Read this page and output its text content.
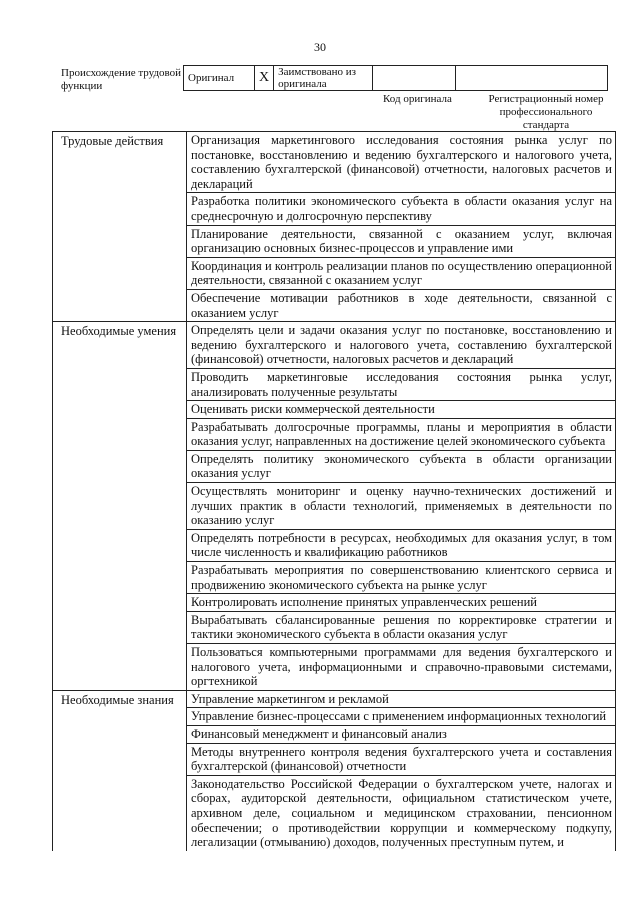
30
Происхождение трудовой функции
Оригинал	X	Заимствовано из оригинала		
Код оригинала	Регистрационный номер профессионального стандарта
Трудовые действия	Организация маркетингового исследования состояния рынка услуг по постановке, восстановлению и ведению бухгалтерского и налогового учета, составлению бухгалтерской (финансовой) отчетности, налоговых расчетов и деклараций
	Разработка политики экономического субъекта в области оказания услуг на среднесрочную и долгосрочную перспективу
	Планирование деятельности, связанной с оказанием услуг, включая организацию основных бизнес-процессов и управление ими
	Координация и контроль реализации планов по осуществлению операционной деятельности, связанной с оказанием услуг
	Обеспечение мотивации работников в ходе деятельности, связанной с оказанием услуг
Необходимые умения	Определять цели и задачи оказания услуг по постановке, восстановлению и ведению бухгалтерского и налогового учета, составлению бухгалтерской (финансовой) отчетности, налоговых расчетов и деклараций
	Проводить маркетинговые исследования состояния рынка услуг, анализировать полученные результаты
	Оценивать риски коммерческой деятельности
	Разрабатывать долгосрочные программы, планы и мероприятия в области оказания услуг, направленных на достижение целей экономического субъекта
	Определять политику экономического субъекта в области организации оказания услуг
	Осуществлять мониторинг и оценку научно-технических достижений и лучших практик в области технологий, применяемых в деятельности по оказанию услуг
	Определять потребности в ресурсах, необходимых для оказания услуг, в том числе численность и квалификацию работников
	Разрабатывать мероприятия по совершенствованию клиентского сервиса и продвижению экономического субъекта на рынке услуг
	Контролировать исполнение принятых управленческих решений
	Вырабатывать сбалансированные решения по корректировке стратегии и тактики экономического субъекта в области оказания услуг
	Пользоваться компьютерными программами для ведения бухгалтерского и налогового учета, информационными и справочно-правовыми системами, оргтехникой
Необходимые знания	Управление маркетингом и рекламой
	Управление бизнес-процессами с применением информационных технологий
	Финансовый менеджмент и финансовый анализ
	Методы внутреннего контроля ведения бухгалтерского учета и составления бухгалтерской (финансовой) отчетности
	Законодательство Российской Федерации о бухгалтерском учете, налогах и сборах, аудиторской деятельности, официальном статистическом учете, архивном деле, социальном и медицинском страховании, пенсионном обеспечении; о противодействии коррупции и коммерческому подкупу, легализации (отмыванию) доходов, полученных преступным путем, и
